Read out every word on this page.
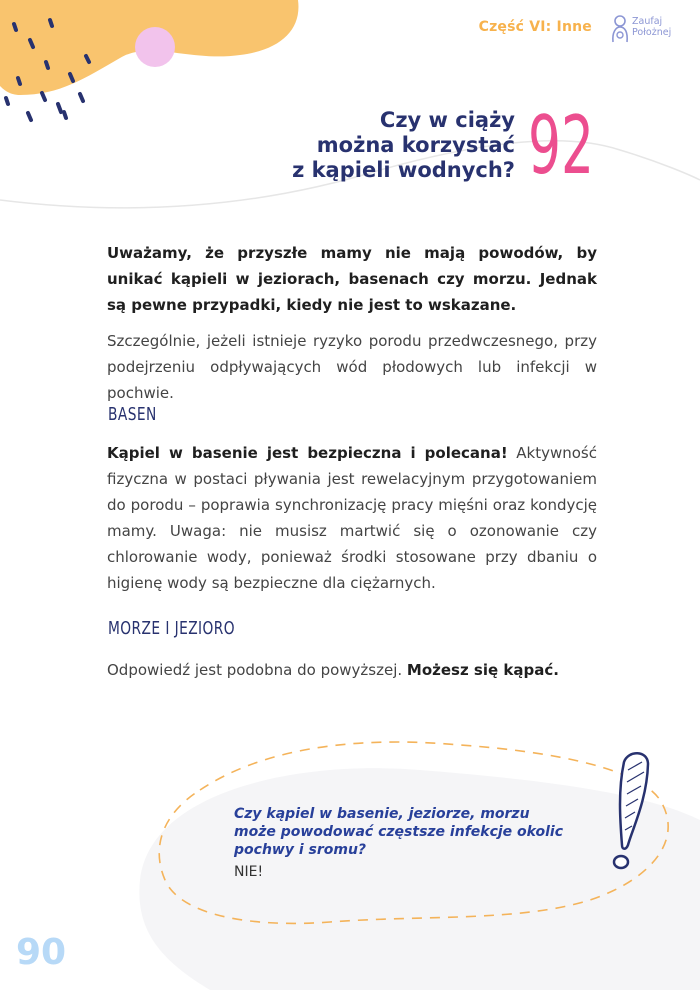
Część VI: Inne	Zaufaj
Położnej
Czy w ciąży
można korzystać
z kąpieli wodnych? 92
Uważamy, że przyszłe mamy nie mają powodów, by unikać kąpieli w jeziorach, basenach czy morzu. Jednak są pewne przypadki, kiedy nie jest to wskazane.
Szczególnie, jeżeli istnieje ryzyko porodu przedwczesnego, przy podejrzeniu odpływających wód płodowych lub infekcji w pochwie.
BASEN
Kąpiel w basenie jest bezpieczna i polecana! Aktywność fizyczna w postaci pływania jest rewelacyjnym przygotowaniem do porodu – poprawia synchronizację pracy mięśni oraz kondycję mamy. Uwaga: nie musisz martwić się o ozonowanie czy chlorowanie wody, ponieważ środki stosowane przy dbaniu o higienę wody są bezpieczne dla ciężarnych.
MORZE I JEZIORO
Odpowiedź jest podobna do powyższej. Możesz się kąpać.
Czy kąpiel w basenie, jeziorze, morzu może powodować częstsze infekcje okolic pochwy i sromu?
NIE!
90
